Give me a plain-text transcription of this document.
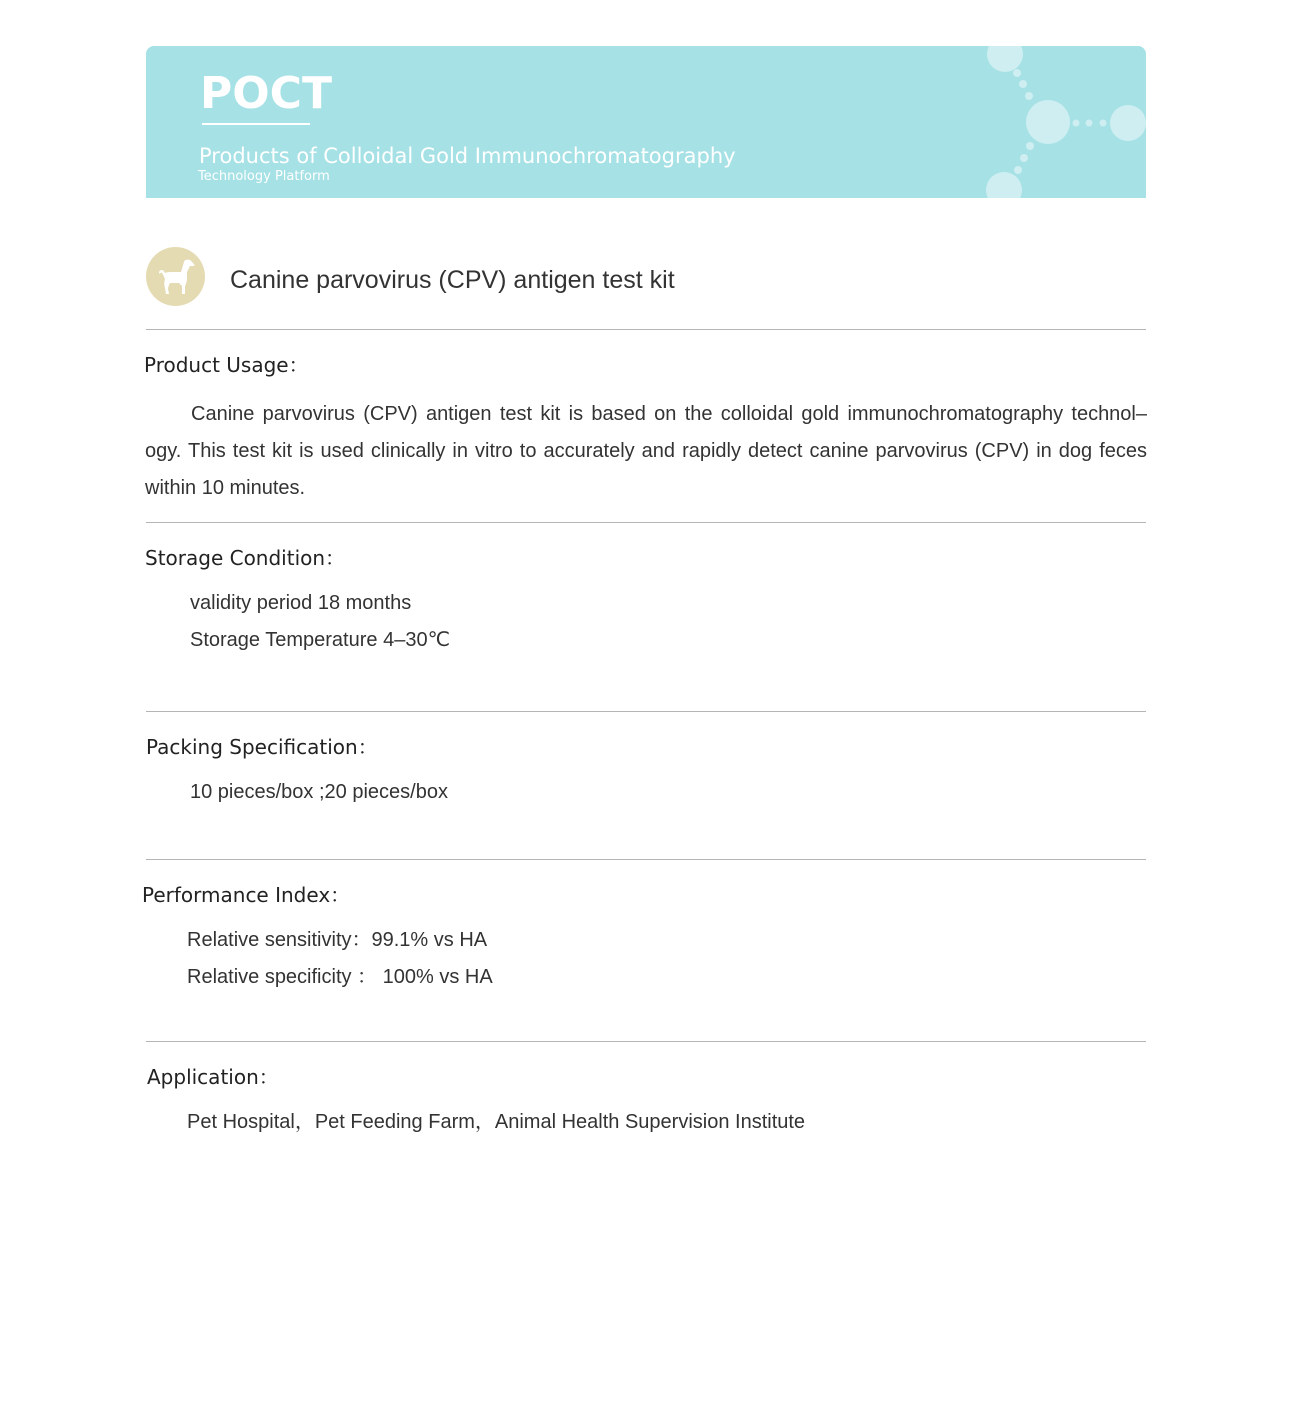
POCT
Products of Colloidal Gold Immunochromatography
Technology Platform
Canine parvovirus (CPV) antigen test kit
Product Usage：
Canine parvovirus (CPV) antigen test kit is based on the colloidal gold immunochromatography technol–ogy. This test kit is used clinically in vitro to accurately and rapidly detect canine parvovirus (CPV) in dog feces within 10 minutes.
Storage Condition：
validity period 18 months
Storage Temperature 4–30℃
Packing Specification：
10 pieces/box ;20 pieces/box
Performance Index：
Relative sensitivity：99.1% vs HA
Relative specificity ： 100% vs HA
Application：
Pet Hospital，Pet Feeding Farm，Animal Health Supervision Institute
